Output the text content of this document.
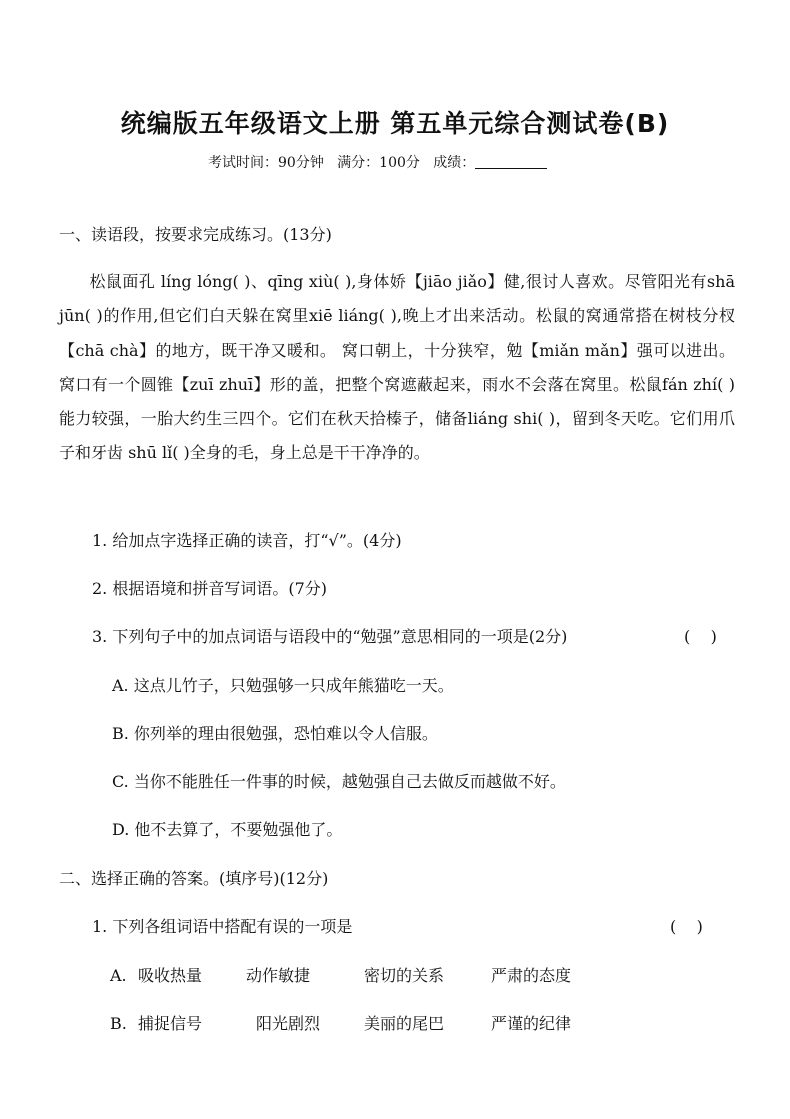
统编版五年级语文上册 第五单元综合测试卷(B)
考试时间：90分钟   满分：100分   成绩：
一、读语段，按要求完成练习。(13分)
松鼠面孔 líng lóng( )、qīng xiù( ),身体娇【jiāo jiǎo】健,很讨人喜欢。尽管阳光有shā jūn( )的作用,但它们白天躲在窝里xiē liáng( ),晚上才出来活动。松鼠的窝通常搭在树枝分杈【chā chà】的地方，既干净又暖和。 窝口朝上，十分狭窄，勉【miǎn mǎn】强可以进出。窝口有一个圆锥【zuī zhuī】形的盖，把整个窝遮蔽起来，雨水不会落在窝里。松鼠fán zhí( )能力较强，一胎大约生三四个。它们在秋天拾榛子，储备liáng shi( )，留到冬天吃。它们用爪子和牙齿 shū lǐ( )全身的毛，身上总是干干净净的。
1. 给加点字选择正确的读音，打“√”。(4分)
2. 根据语境和拼音写词语。(7分)
3. 下列句子中的加点词语与语段中的“勉强”意思相同的一项是(2分)	(    )
A. 这点儿竹子，只勉强够一只成年熊猫吃一天。
B. 你列举的理由很勉强，恐怕难以令人信服。
C. 当你不能胜任一件事的时候，越勉强自己去做反而越做不好。
D. 他不去算了，不要勉强他了。
二、选择正确的答案。(填序号)(12分)
1. 下列各组词语中搭配有误的一项是	(    )
A. 吸收热量	动作敏捷	密切的关系	严肃的态度
B. 捕捉信号	阳光剧烈	美丽的尾巴	严谨的纪律
